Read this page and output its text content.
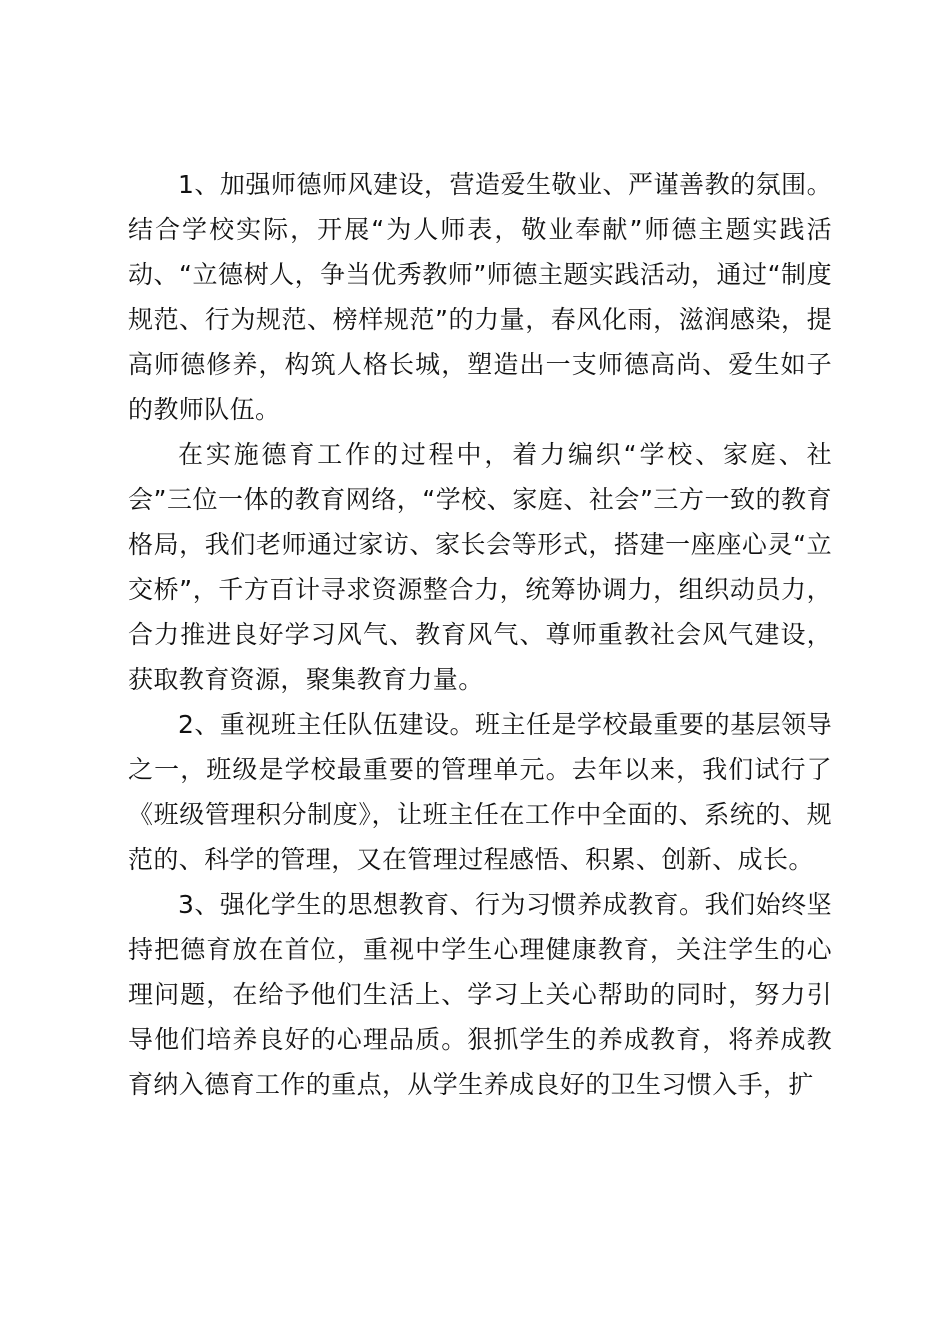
1、加强师德师风建设，营造爱生敬业、严谨善教的氛围。结合学校实际，开展“为人师表，敬业奉献”师德主题实践活动、“立德树人，争当优秀教师”师德主题实践活动，通过“制度规范、行为规范、榜样规范”的力量，春风化雨，滋润感染，提高师德修养，构筑人格长城，塑造出一支师德高尚、爱生如子的教师队伍。

在实施德育工作的过程中，着力编织“学校、家庭、社会”三位一体的教育网络，“学校、家庭、社会”三方一致的教育格局，我们老师通过家访、家长会等形式，搭建一座座心灵“立交桥”，千方百计寻求资源整合力，统筹协调力，组织动员力，合力推进良好学习风气、教育风气、尊师重教社会风气建设，获取教育资源，聚集教育力量。

2、重视班主任队伍建设。班主任是学校最重要的基层领导之一，班级是学校最重要的管理单元。去年以来，我们试行了《班级管理积分制度》，让班主任在工作中全面的、系统的、规范的、科学的管理，又在管理过程感悟、积累、创新、成长。

3、强化学生的思想教育、行为习惯养成教育。我们始终坚持把德育放在首位，重视中学生心理健康教育，关注学生的心理问题，在给予他们生活上、学习上关心帮助的同时，努力引导他们培养良好的心理品质。狠抓学生的养成教育，将养成教育纳入德育工作的重点，从学生养成良好的卫生习惯入手，扩
